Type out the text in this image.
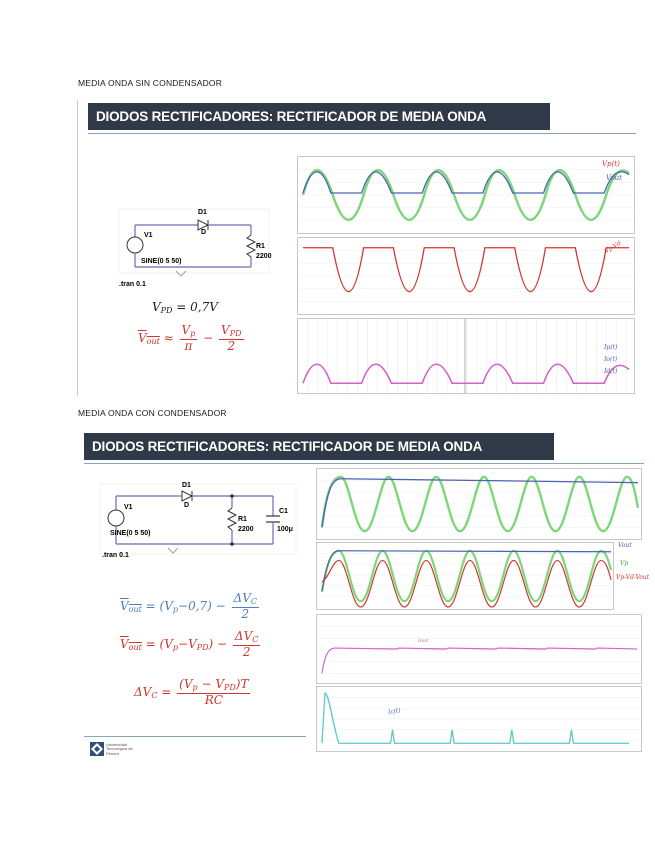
MEDIA ONDA SIN CONDENSADOR
DIODOS RECTIFICADORES: RECTIFICADOR DE MEDIA ONDA
D1
D
V1
SINE(0 5 50)
R1
2200
.tran 0.1
$V_{PD} = 0,7V$
$V_{out} \approx \frac{V_p}{\pi} - \frac{V_{PD}}{2}$
Vp(t)
Vout
Vp-Vd
Ip(t)
Io(t)
Id(t)
MEDIA ONDA CON CONDENSADOR
DIODOS RECTIFICADORES: RECTIFICADOR DE MEDIA ONDA
D1
D
V1
SINE(0 5 50)
R1
2200
C1
100μ
.tran 0.1
$V_{out} = (V_p-0,7) - \frac{\Delta V_C}{2}$
$V_{out} = (V_p-V_{PD}) - \frac{\Delta V_C}{2}$
$\Delta V_C = \frac{(V_p - V_{PD})T}{RC}$
Vout
Vp
Vp-Vd-Vout
Iout
Ic(t)
Universidad Tecnológica de Pereira
